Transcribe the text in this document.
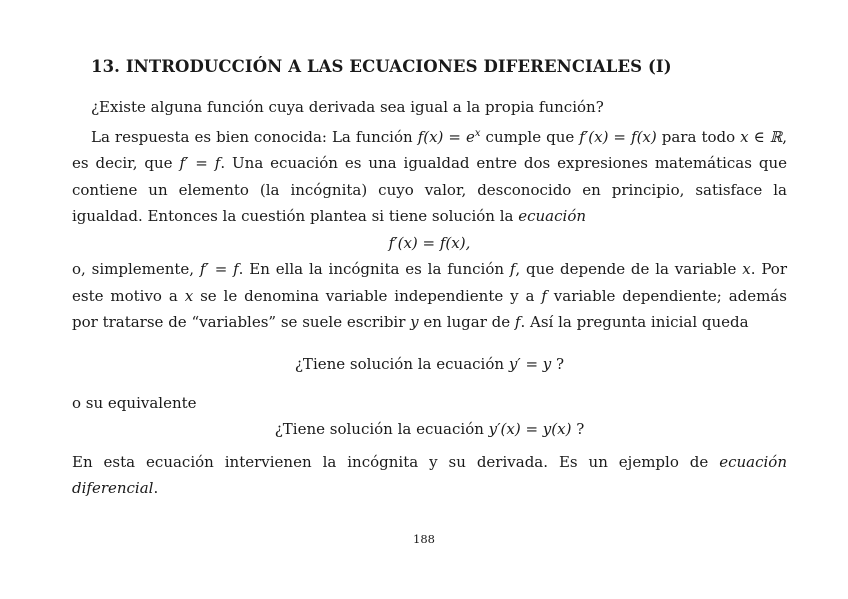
13. INTRODUCCIÓN A LAS ECUACIONES DIFERENCIALES (I)

¿Existe alguna función cuya derivada sea igual a la propia función?

La respuesta es bien conocida: La función $f(x) = e^x$ cumple que f′(x) = f(x) para todo x ∈ ℝ, es decir, que f′ = f. Una ecuación es una igualdad entre dos expresiones matemáticas que contiene un elemento (la incógnita) cuyo valor, desconocido en principio, satisface la igualdad. Entonces la cuestión plantea si tiene solución la ecuación

f′(x) = f(x),

o, simplemente, f′ = f. En ella la incógnita es la función f, que depende de la variable x. Por este motivo a x se le denomina variable independiente y a f variable dependiente; además por tratarse de “variables” se suele escribir y en lugar de f. Así la pregunta inicial queda

¿Tiene solución la ecuación y′ = y ?

o su equivalente

¿Tiene solución la ecuación y′(x) = y(x) ?

En esta ecuación intervienen la incógnita y su derivada. Es un ejemplo de ecuación diferencial.

188
